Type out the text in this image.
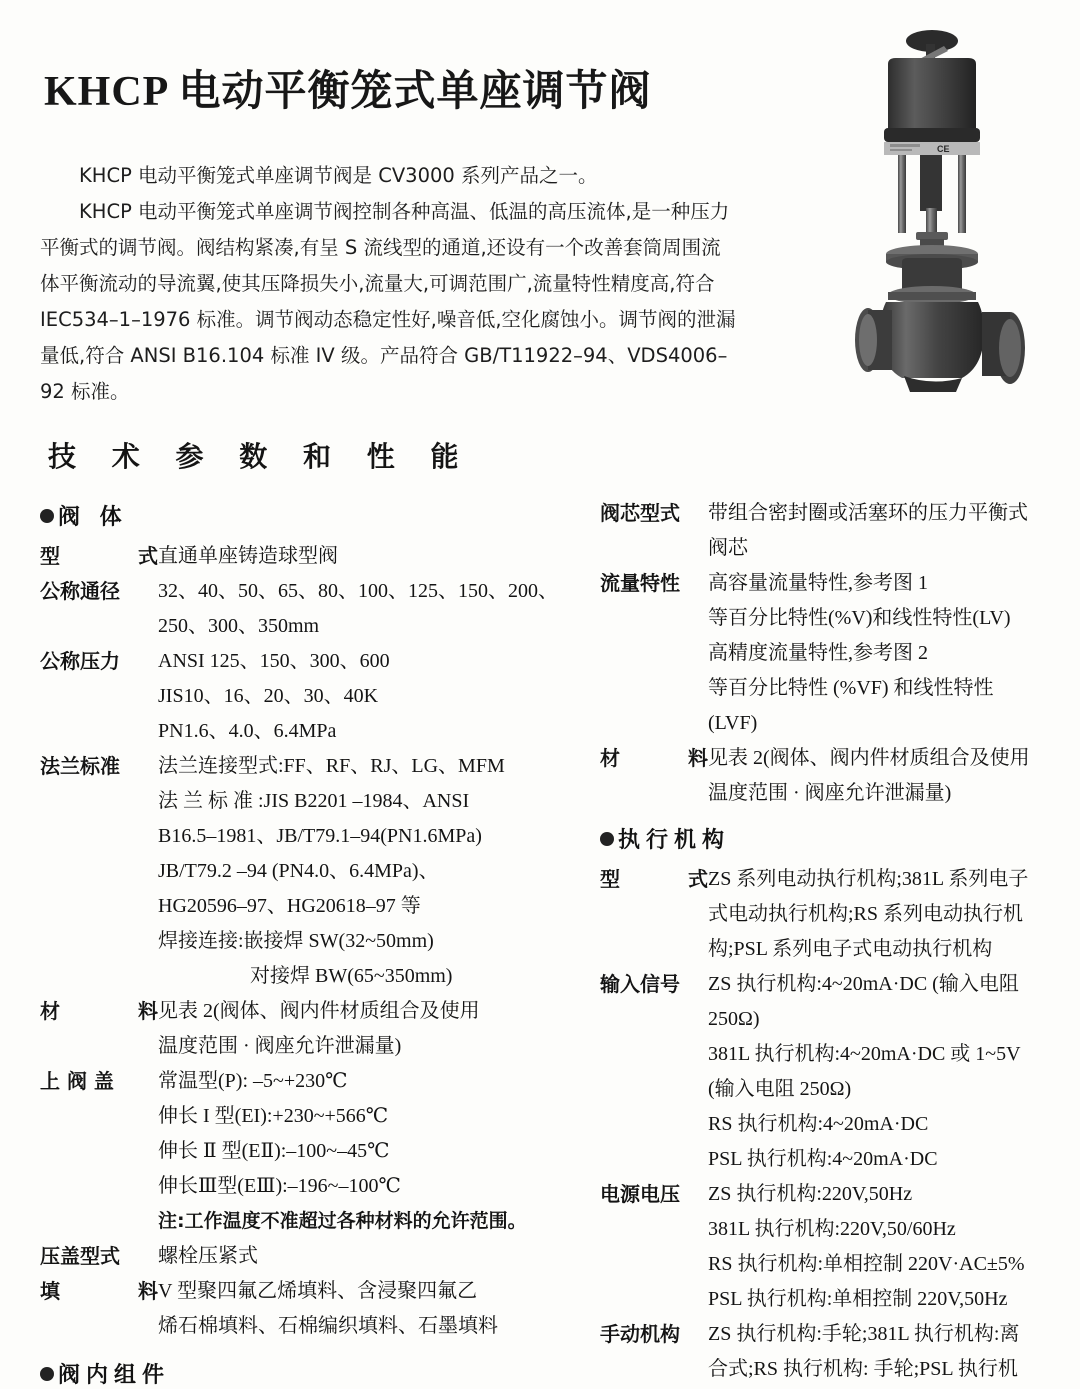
KHCP 电动平衡笼式单座调节阀

KHCP 电动平衡笼式单座调节阀是 CV3000 系列产品之一。

KHCP 电动平衡笼式单座调节阀控制各种高温、低温的高压流体,是一种压力平衡式的调节阀。阀结构紧凑,有呈 S 流线型的通道,还设有一个改善套筒周围流体平衡流动的导流翼,使其压降损失小,流量大,可调范围广,流量特性精度高,符合 IEC534–1–1976 标准。调节阀动态稳定性好,噪音低,空化腐蚀小。调节阀的泄漏量低,符合 ANSI B16.104 标准 IV 级。产品符合 GB/T11922–94、VDS4006–92 标准。

技 术 参 数 和 性 能
阀 体
型	式 直通单座铸造球型阀
公称通径 32、40、50、65、80、100、125、150、200、
250、300、350mm
公称压力 ANSI 125、150、300、600
JIS10、16、20、30、40K
PN1.6、4.0、6.4MPa
法兰标准 法兰连接型式:FF、RF、RJ、LG、MFM
法 兰 标 准 :JIS B2201 –1984、ANSI
B16.5–1981、JB/T79.1–94(PN1.6MPa)
JB/T79.2 –94 (PN4.0、6.4MPa)、
HG20596–97、HG20618–97 等
焊接连接:嵌接焊 SW(32~50mm)
对接焊 BW(65~350mm)
材	料 见表 2(阀体、阀内件材质组合及使用
温度范围 · 阀座允许泄漏量)
上 阀 盖 常温型(P): –5~+230℃
伸长 I 型(EI):+230~+566℃
伸长 Ⅱ 型(EⅡ):–100~–45℃
伸长Ⅲ型(EⅢ):–196~–100℃
注:工作温度不准超过各种材料的允许范围。
压盖型式 螺栓压紧式
填	料 V 型聚四氟乙烯填料、含浸聚四氟乙
烯石棉填料、石棉编织填料、石墨填料
阀内组件
阀芯型式 带组合密封圈或活塞环的压力平衡式
阀芯
流量特性 高容量流量特性,参考图 1
等百分比特性(%V)和线性特性(LV)
高精度流量特性,参考图 2
等百分比特性 (%VF) 和线性特性
(LVF)
材	料 见表 2(阀体、阀内件材质组合及使用
温度范围 · 阀座允许泄漏量)
执行机构
型	式 ZS 系列电动执行机构;381L 系列电子
式电动执行机构;RS 系列电动执行机
构;PSL 系列电子式电动执行机构
输入信号 ZS 执行机构:4~20mA·DC (输入电阻
250Ω)
381L 执行机构:4~20mA·DC 或 1~5V
(输入电阻 250Ω)
RS 执行机构:4~20mA·DC
PSL 执行机构:4~20mA·DC
电源电压 ZS 执行机构:220V,50Hz
381L 执行机构:220V,50/60Hz
RS 执行机构:单相控制 220V·AC±5%
PSL 执行机构:单相控制 220V,50Hz
手动机构 ZS 执行机构:手轮;381L 执行机构:离
合式;RS 执行机构: 手轮;PSL 执行机
CE
